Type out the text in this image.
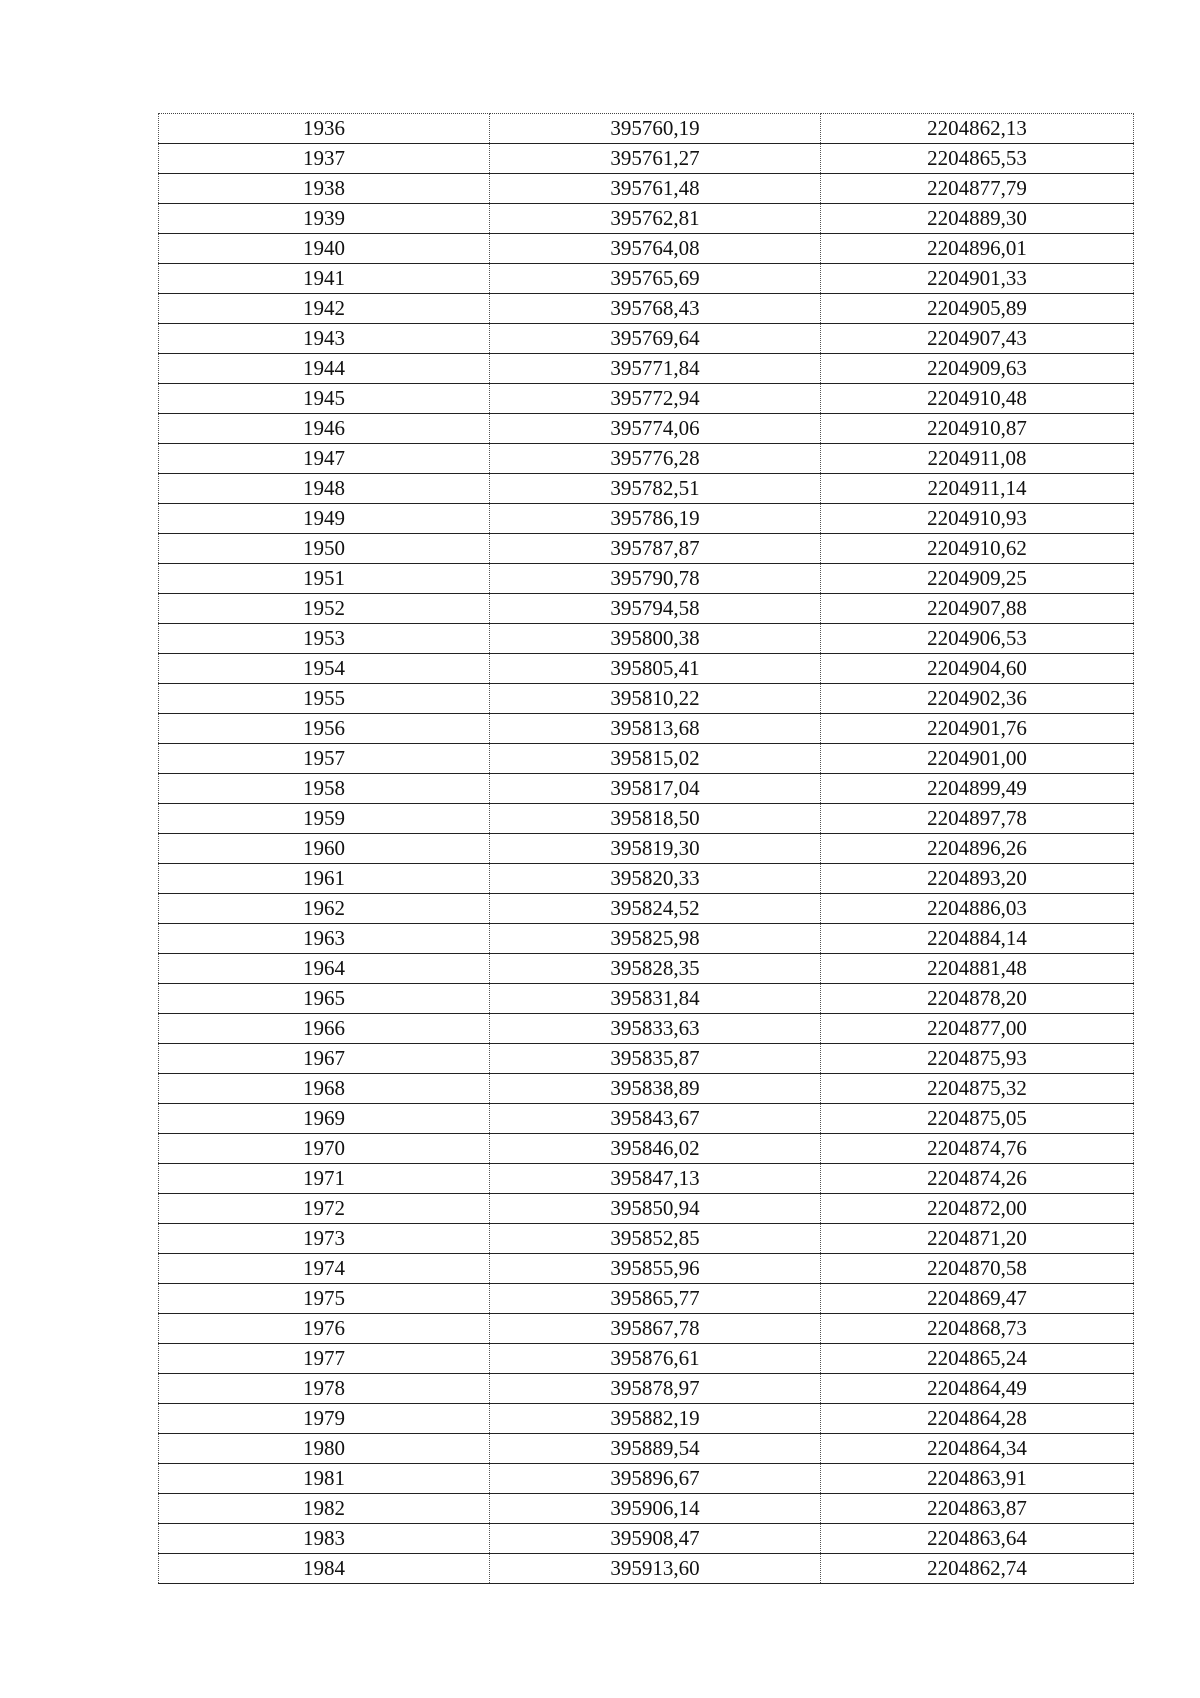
1936	395760,19	2204862,13
1937	395761,27	2204865,53
1938	395761,48	2204877,79
1939	395762,81	2204889,30
1940	395764,08	2204896,01
1941	395765,69	2204901,33
1942	395768,43	2204905,89
1943	395769,64	2204907,43
1944	395771,84	2204909,63
1945	395772,94	2204910,48
1946	395774,06	2204910,87
1947	395776,28	2204911,08
1948	395782,51	2204911,14
1949	395786,19	2204910,93
1950	395787,87	2204910,62
1951	395790,78	2204909,25
1952	395794,58	2204907,88
1953	395800,38	2204906,53
1954	395805,41	2204904,60
1955	395810,22	2204902,36
1956	395813,68	2204901,76
1957	395815,02	2204901,00
1958	395817,04	2204899,49
1959	395818,50	2204897,78
1960	395819,30	2204896,26
1961	395820,33	2204893,20
1962	395824,52	2204886,03
1963	395825,98	2204884,14
1964	395828,35	2204881,48
1965	395831,84	2204878,20
1966	395833,63	2204877,00
1967	395835,87	2204875,93
1968	395838,89	2204875,32
1969	395843,67	2204875,05
1970	395846,02	2204874,76
1971	395847,13	2204874,26
1972	395850,94	2204872,00
1973	395852,85	2204871,20
1974	395855,96	2204870,58
1975	395865,77	2204869,47
1976	395867,78	2204868,73
1977	395876,61	2204865,24
1978	395878,97	2204864,49
1979	395882,19	2204864,28
1980	395889,54	2204864,34
1981	395896,67	2204863,91
1982	395906,14	2204863,87
1983	395908,47	2204863,64
1984	395913,60	2204862,74
